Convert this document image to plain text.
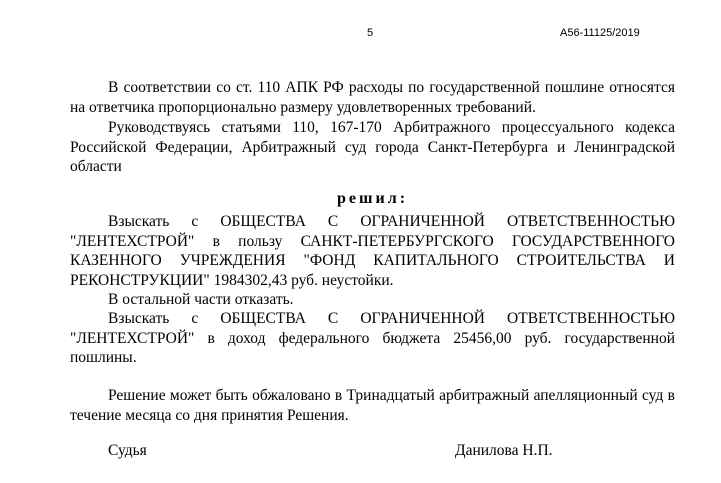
5	А56-11125/2019

В соответствии со ст. 110 АПК РФ расходы по государственной пошлине относятся на ответчика пропорционально размеру удовлетворенных требований.

Руководствуясь статьями 110, 167-170 Арбитражного процессуального кодекса Российской Федерации, Арбитражный суд города Санкт-Петербурга и Ленинградской области

Взыскать с ОБЩЕСТВА С ОГРАНИЧЕННОЙ ОТВЕТСТВЕННОСТЬЮ "ЛЕНТЕХСТРОЙ" в пользу САНКТ-ПЕТЕРБУРГСКОГО ГОСУДАРСТВЕННОГО КАЗЕННОГО УЧРЕЖДЕНИЯ "ФОНД КАПИТАЛЬНОГО СТРОИТЕЛЬСТВА И РЕКОНСТРУКЦИИ" 1984302,43 руб. неустойки.

В остальной части отказать.

Взыскать с ОБЩЕСТВА С ОГРАНИЧЕННОЙ ОТВЕТСТВЕННОСТЬЮ "ЛЕНТЕХСТРОЙ" в доход федерального бюджета 25456,00 руб. государственной пошлины.

Решение может быть обжаловано в Тринадцатый арбитражный апелляционный суд в течение месяца со дня принятия Решения.

решил:
Судья	Данилова Н.П.
